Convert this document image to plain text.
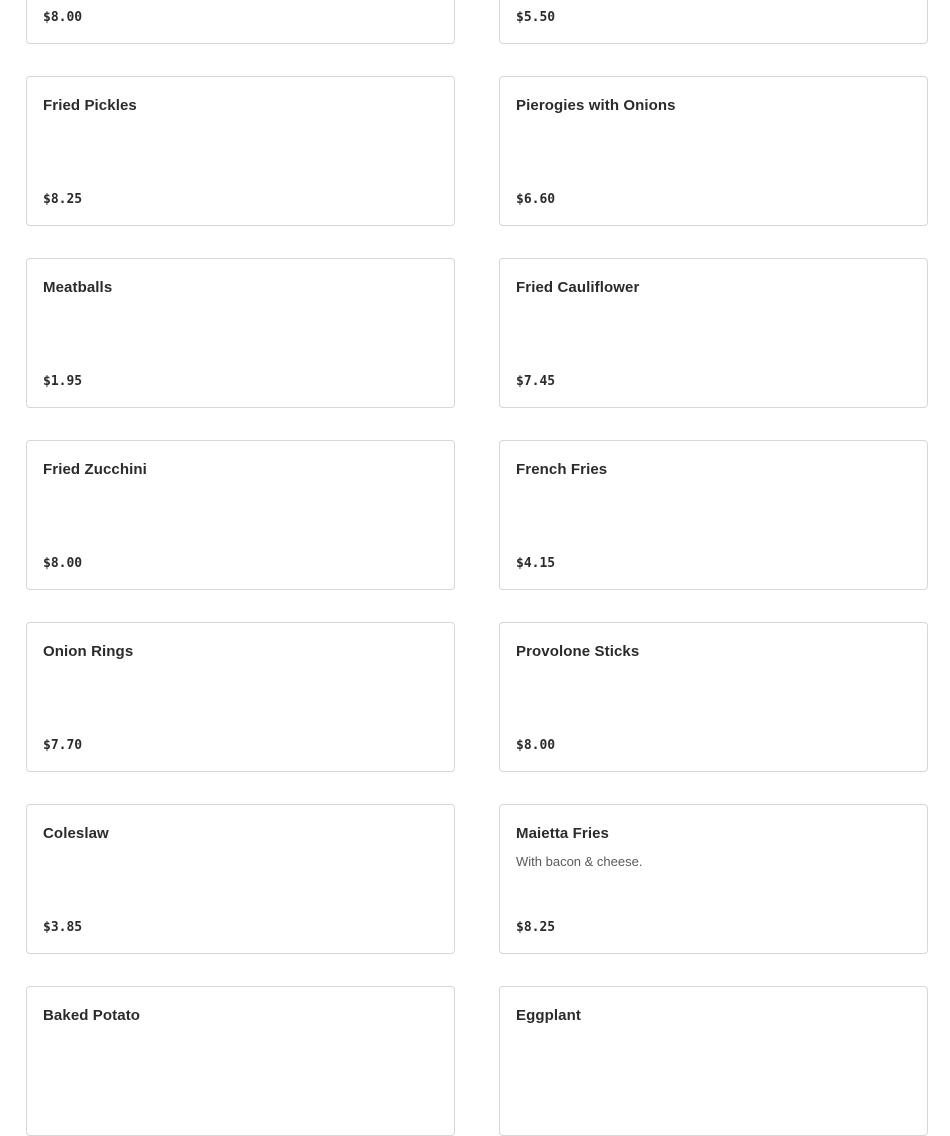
$8.00	$5.50
Fried Pickles
$8.25
Pierogies with Onions
$6.60
Meatballs
$1.95
Fried Cauliflower
$7.45
Fried Zucchini
$8.00
French Fries
$4.15
Onion Rings
$7.70
Provolone Sticks
$8.00
Coleslaw
$3.85
Maietta Fries
With bacon & cheese.
$8.25
Baked Potato	Eggplant
